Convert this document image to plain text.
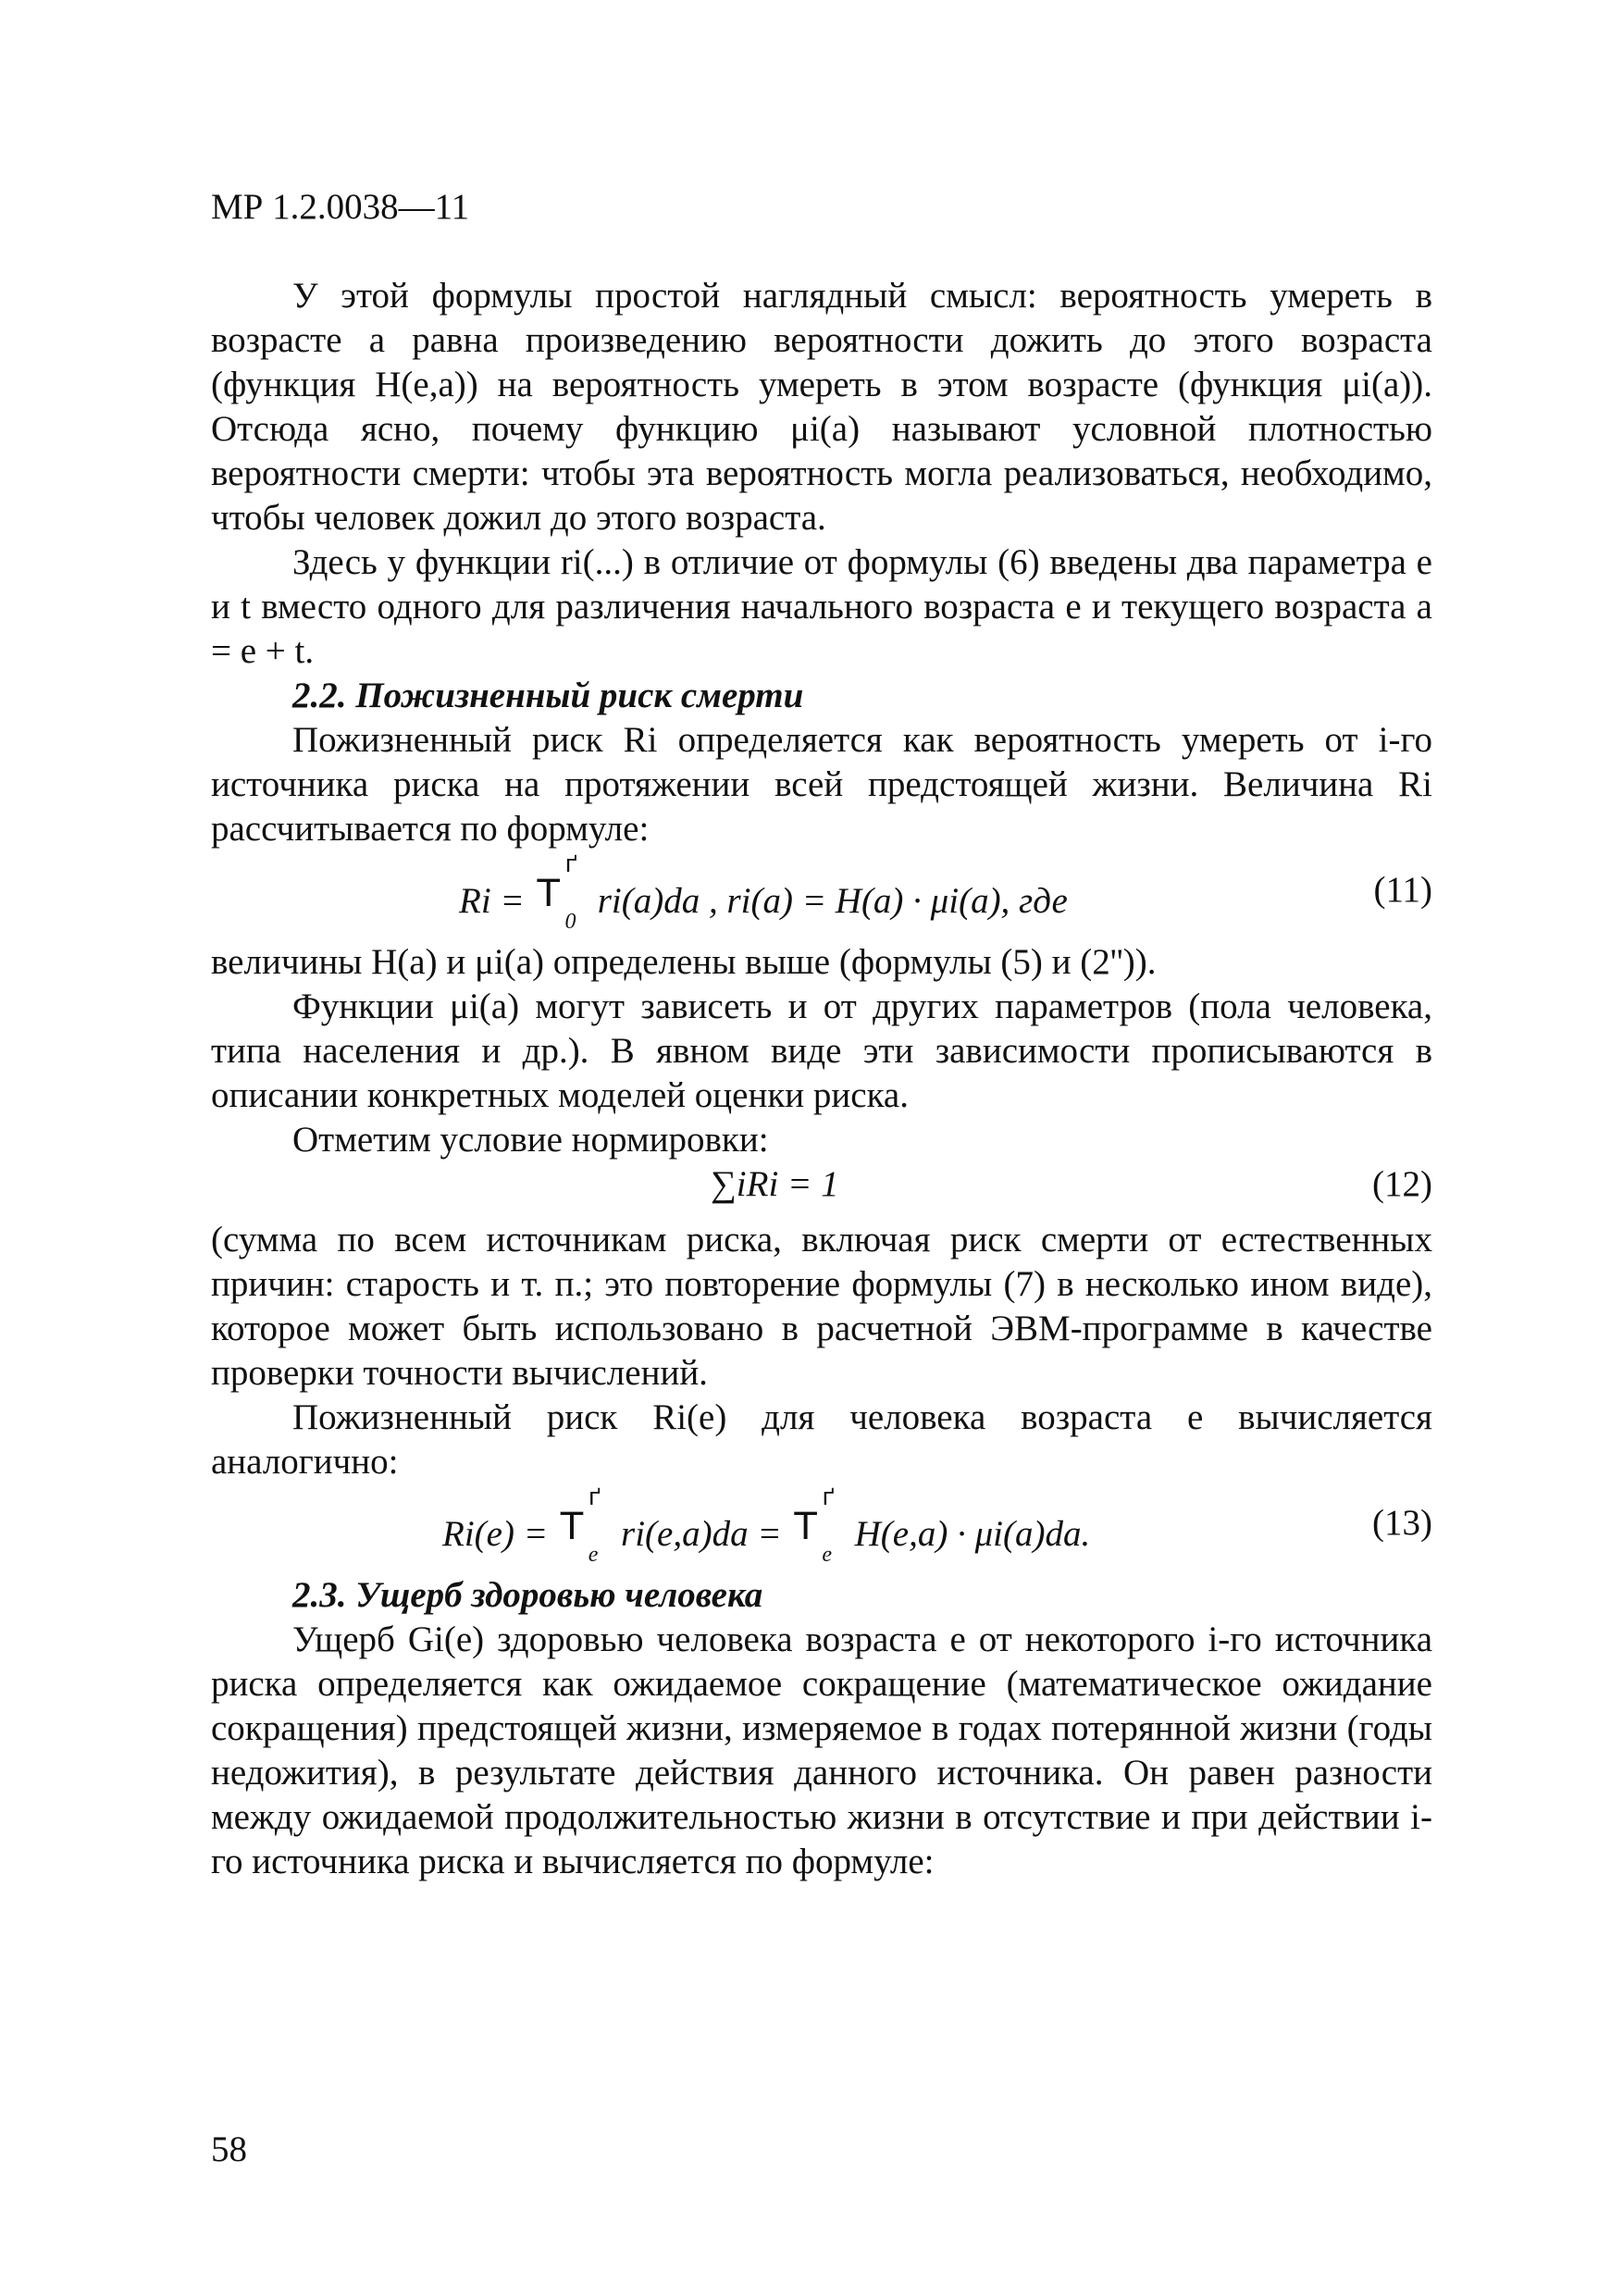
МР 1.2.0038—11

У этой формулы простой наглядный смысл: вероятность умереть в возрасте a равна произведению вероятности дожить до этого возраста (функция H(e,a)) на вероятность умереть в этом возрасте (функция μi(a)). Отсюда ясно, почему функцию μi(a) называют условной плотностью вероятности смерти: чтобы эта вероятность могла реализоваться, необходимо, чтобы человек дожил до этого возраста.

Здесь у функции ri(...) в отличие от формулы (6) введены два параметра e и t вместо одного для различения начального возраста e и текущего возраста a = e + t.

2.2. Пожизненный риск смерти

Пожизненный риск Ri определяется как вероятность умереть от i-го источника риска на протяжении всей предстоящей жизни. Величина Ri рассчитывается по формуле:

Ri = T
ґ
0
ri(a)da , ri(a) = H(a) · μi(a), где	(11)

величины H(a) и μi(a) определены выше (формулы (5) и (2'')).

Функции μi(a) могут зависеть и от других параметров (пола человека, типа населения и др.). В явном виде эти зависимости прописываются в описании конкретных моделей оценки риска.

Отметим условие нормировки:

∑iRi = 1	(12)

(сумма по всем источникам риска, включая риск смерти от естественных причин: старость и т. п.; это повторение формулы (7) в несколько ином виде), которое может быть использовано в расчетной ЭВМ-программе в качестве проверки точности вычислений.

Пожизненный риск Ri(e) для человека возраста e вычисляется аналогично:

Ri(e) = T
ґ
e
ri(e,a)da = T
ґ
e
H(e,a) · μi(a)da.	(13)

2.3. Ущерб здоровью человека

Ущерб Gi(e) здоровью человека возраста e от некоторого i-го источника риска определяется как ожидаемое сокращение (математическое ожидание сокращения) предстоящей жизни, измеряемое в годах потерянной жизни (годы недожития), в результате действия данного источника. Он равен разности между ожидаемой продолжительностью жизни в отсутствие и при действии i-го источника риска и вычисляется по формуле:

58
